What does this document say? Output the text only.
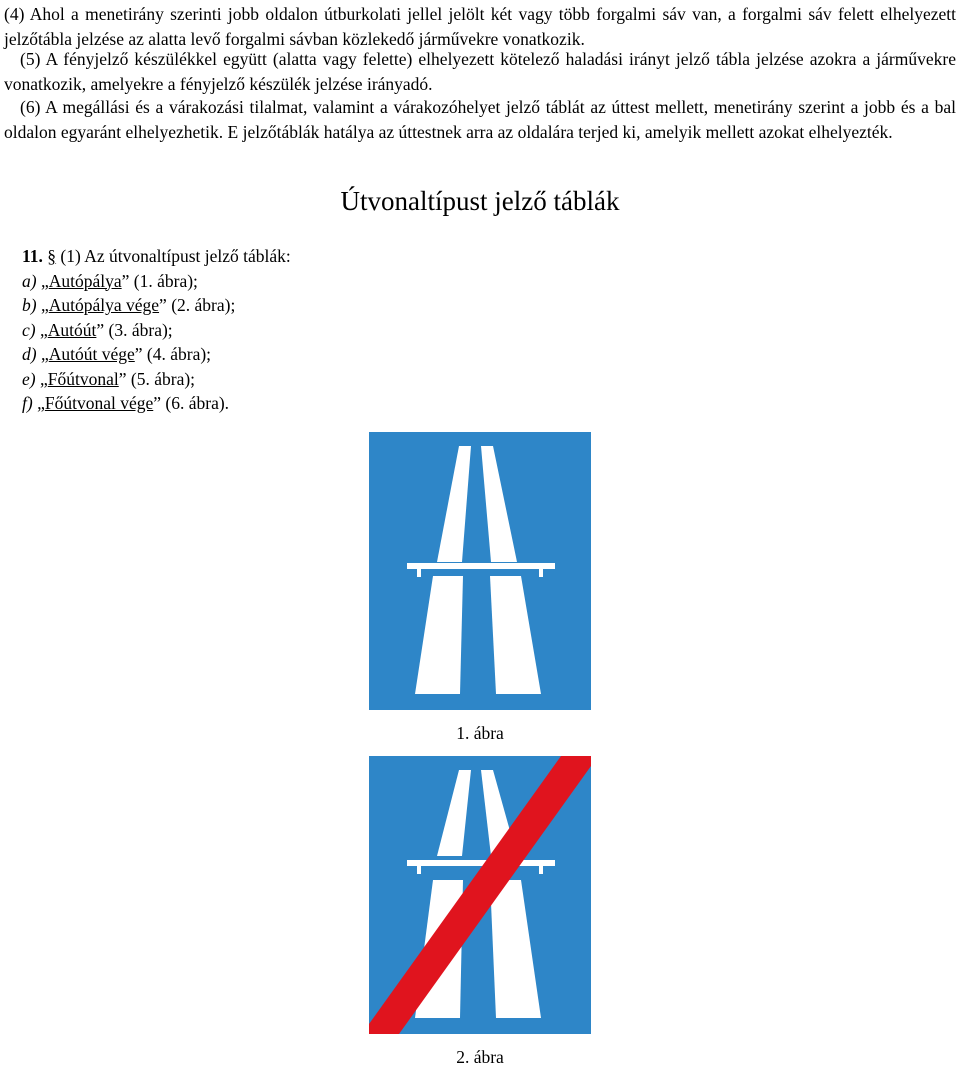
(4) Ahol a menetirány szerinti jobb oldalon útburkolati jellel jelölt két vagy több forgalmi sáv van, a forgalmi sáv felett elhelyezett jelzőtábla jelzése az alatta levő forgalmi sávban közlekedő járművekre vonatkozik.
(5) A fényjelző készülékkel együtt (alatta vagy felette) elhelyezett kötelező haladási irányt jelző tábla jelzése azokra a járművekre vonatkozik, amelyekre a fényjelző készülék jelzése irányadó.
(6) A megállási és a várakozási tilalmat, valamint a várakozóhelyet jelző táblát az úttest mellett, menetirány szerint a jobb és a bal oldalon egyaránt elhelyezhetik. E jelzőtáblák hatálya az úttestnek arra az oldalára terjed ki, amelyik mellett azokat elhelyezték.
Útvonaltípust jelző táblák
11. § (1) Az útvonaltípust jelző táblák:
a) „Autópálya” (1. ábra);
b) „Autópálya vége” (2. ábra);
c) „Autóút” (3. ábra);
d) „Autóút vége” (4. ábra);
e) „Főútvonal” (5. ábra);
f) „Főútvonal vége” (6. ábra).
1. ábra
2. ábra
